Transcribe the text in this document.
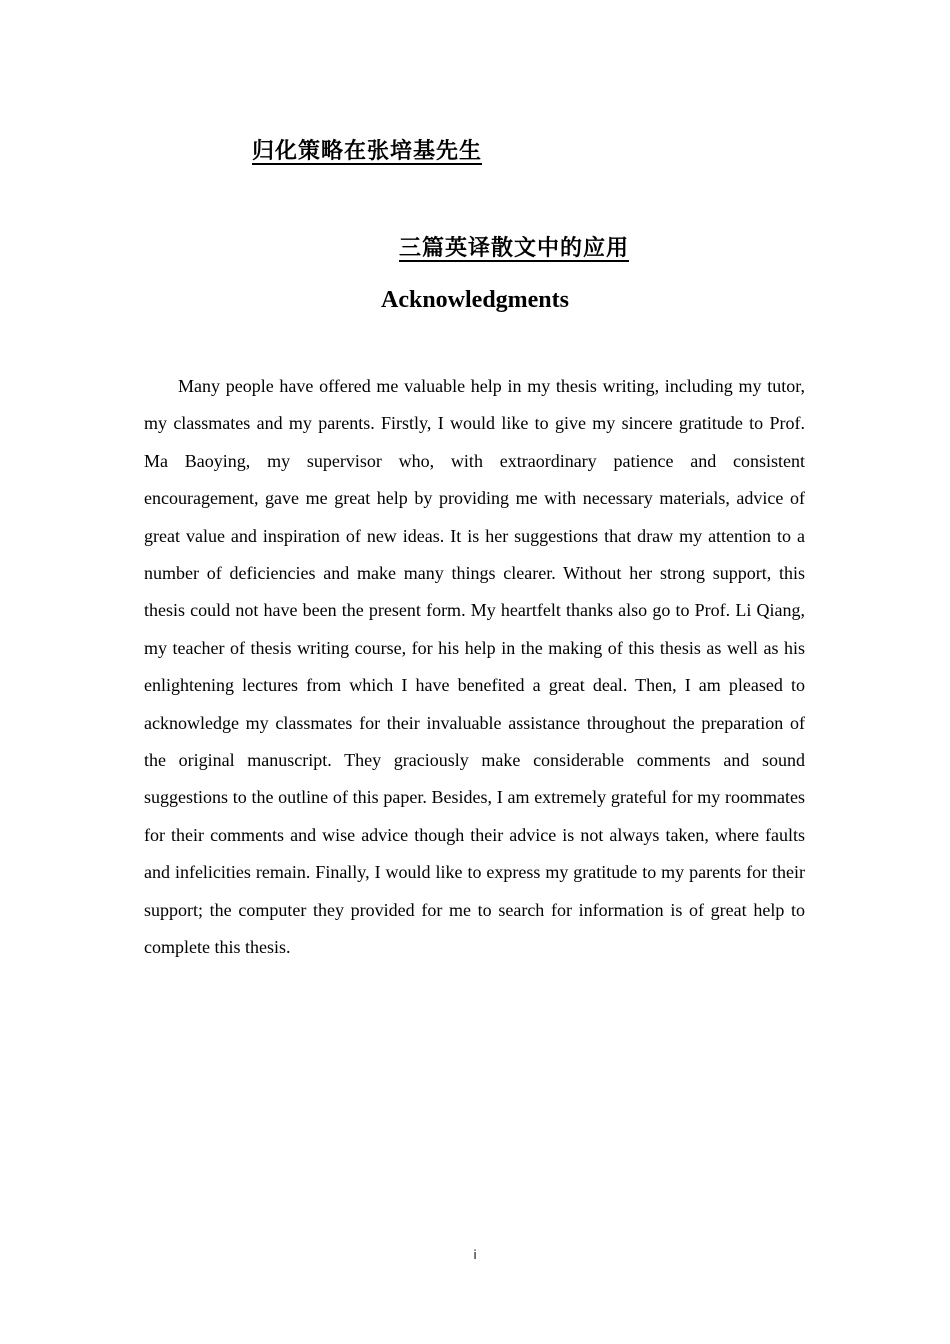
归化策略在张培基先生
三篇英译散文中的应用
Acknowledgments

Many people have offered me valuable help in my thesis writing, including my tutor, my classmates and my parents. Firstly, I would like to give my sincere gratitude to Prof. Ma Baoying, my supervisor who, with extraordinary patience and consistent encouragement, gave me great help by providing me with necessary materials, advice of great value and inspiration of new ideas. It is her suggestions that draw my attention to a number of deficiencies and make many things clearer. Without her strong support, this thesis could not have been the present form. My heartfelt thanks also go to Prof. Li Qiang, my teacher of thesis writing course, for his help in the making of this thesis as well as his enlightening lectures from which I have benefited a great deal. Then, I am pleased to acknowledge my classmates for their invaluable assistance throughout the preparation of the original manuscript. They graciously make considerable comments and sound suggestions to the outline of this paper. Besides, I am extremely grateful for my roommates for their comments and wise advice though their advice is not always taken, where faults and infelicities remain. Finally, I would like to express my gratitude to my parents for their support; the computer they provided for me to search for information is of great help to complete this thesis.

i
